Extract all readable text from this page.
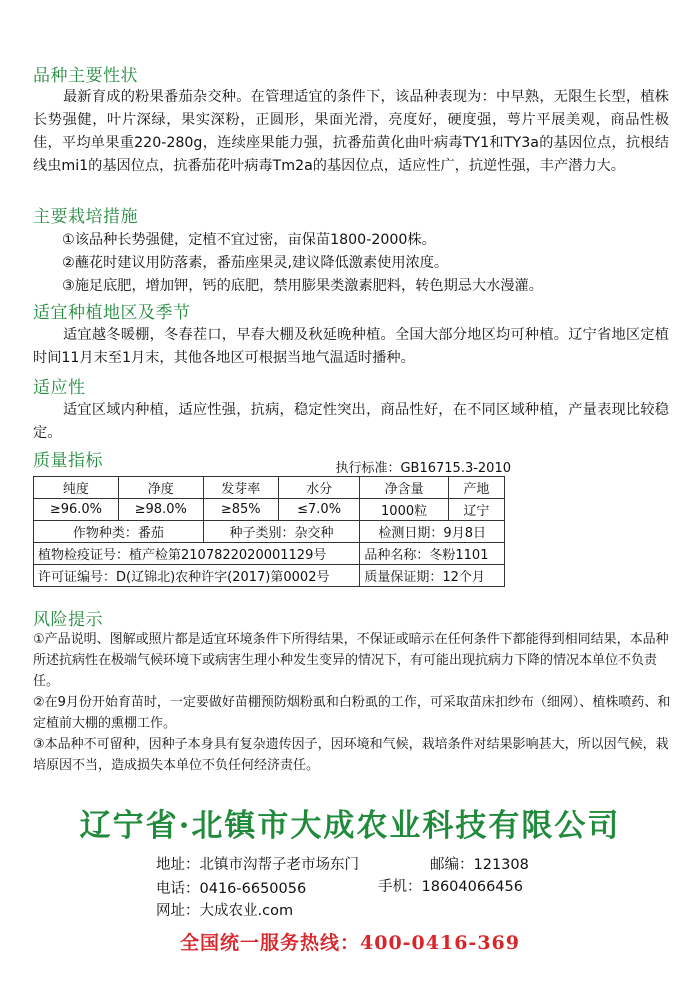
品种主要性状
最新育成的粉果番茄杂交种。在管理适宜的条件下，该品种表现为：中早熟，无限生长型，植株长势强健，叶片深绿，果实深粉，正圆形，果面光滑，亮度好，硬度强，萼片平展美观，商品性极佳，平均单果重220-280g，连续座果能力强，抗番茄黄化曲叶病毒TY1和TY3a的基因位点，抗根结线虫mi1的基因位点，抗番茄花叶病毒Tm2a的基因位点，适应性广，抗逆性强，丰产潜力大。
主要栽培措施
①该品种长势强健，定植不宜过密，亩保苗1800-2000株。
②蘸花时建议用防落素，番茄座果灵,建议降低激素使用浓度。
③施足底肥，增加钾，钙的底肥，禁用膨果类激素肥料，转色期忌大水漫灌。
适宜种植地区及季节
适宜越冬暖棚，冬春茬口，早春大棚及秋延晚种植。全国大部分地区均可种植。辽宁省地区定植时间11月末至1月末，其他各地区可根据当地气温适时播种。
适应性
适宜区域内种植，适应性强，抗病，稳定性突出，商品性好，在不同区域种植，产量表现比较稳定。
质量指标	执行标准：GB16715.3-2010
纯度	净度	发芽率	水分	净含量	产地
≥96.0%	≥98.0%	≥85%	≤7.0%	1000粒	辽宁
作物种类：番茄		种子类别：杂交种		检测日期：9月8日	
植物检疫证号：植产检第2107822020001129号				品种名称：冬粉1101	
许可证编号：D(辽锦北)农种许字(2017)第0002号				质量保证期：12个月	
风险提示

①产品说明、图解或照片都是适宜环境条件下所得结果，不保证或暗示在任何条件下都能得到相同结果，本品种所述抗病性在极端气候环境下或病害生理小种发生变异的情况下，有可能出现抗病力下降的情况本单位不负责任。

②在9月份开始育苗时，一定要做好苗棚预防烟粉虱和白粉虱的工作，可采取苗床扣纱布（细网）、植株喷药、和定植前大棚的熏棚工作。

③本品种不可留种，因种子本身具有复杂遗传因子，因环境和气候，栽培条件对结果影响甚大，所以因气候，栽培原因不当，造成损失本单位不负任何经济责任。

辽宁省·北镇市大成农业科技有限公司
地址：北镇市沟帮子老市场东门	邮编：121308
电话：0416-6650056	手机：18604066456
网址：大成农业.com
全国统一服务热线：400-0416-369
